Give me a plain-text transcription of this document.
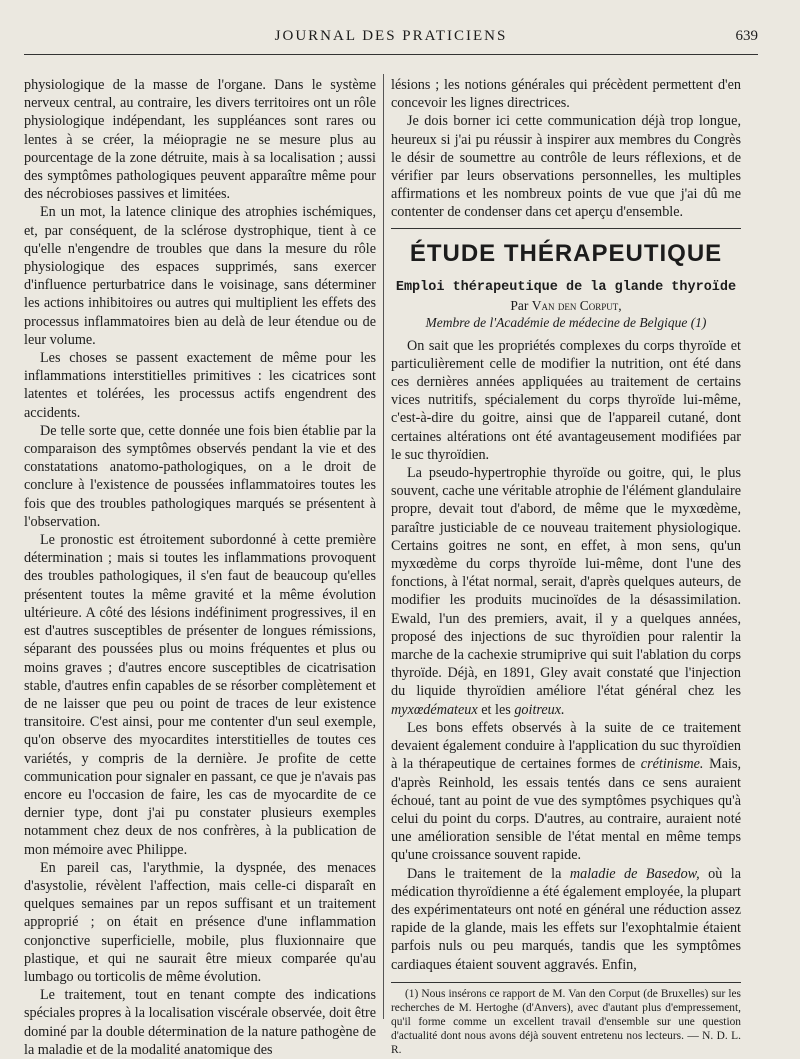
JOURNAL DES PRATICIENS	639

physiologique de la masse de l'organe. Dans le système nerveux central, au contraire, les divers territoires ont un rôle physiologique indépendant, les suppléances sont rares ou lentes à se créer, la méiopragie ne se mesure plus au pourcentage de la zone détruite, mais à sa localisation ; aussi des symptômes pathologiques peuvent apparaître même pour des nécrobioses passives et limitées.

En un mot, la latence clinique des atrophies ischémiques, et, par conséquent, de la sclérose dystrophique, tient à ce qu'elle n'engendre de troubles que dans la mesure du rôle physiologique des espaces supprimés, sans exercer d'influence perturbatrice dans le voisinage, sans déterminer les actions inhibitoires ou autres qui multiplient les effets des processus inflammatoires bien au delà de leur étendue ou de leur volume.

Les choses se passent exactement de même pour les inflammations interstitielles primitives : les cicatrices sont latentes et tolérées, les processus actifs engendrent des accidents.

De telle sorte que, cette donnée une fois bien établie par la comparaison des symptômes observés pendant la vie et des constatations anatomo-pathologiques, on a le droit de conclure à l'existence de poussées inflammatoires toutes les fois que des troubles pathologiques marqués se présentent à l'observation.

Le pronostic est étroitement subordonné à cette première détermination ; mais si toutes les inflammations provoquent des troubles pathologiques, il s'en faut de beaucoup qu'elles présentent toutes la même gravité et la même évolution ultérieure. A côté des lésions indéfiniment progressives, il en est d'autres susceptibles de présenter de longues rémissions, séparant des poussées plus ou moins fréquentes et plus ou moins graves ; d'autres encore susceptibles de cicatrisation stable, d'autres enfin capables de se résorber complètement et de ne laisser que peu ou point de traces de leur existence transitoire. C'est ainsi, pour me contenter d'un seul exemple, qu'on observe des myocardites interstitielles de toutes ces variétés, y compris de la dernière. Je profite de cette communication pour signaler en passant, ce que je n'avais pas encore eu l'occasion de faire, les cas de myocardite de ce dernier type, dont j'ai pu constater plusieurs exemples notamment chez deux de nos confrères, à la publication de mon mémoire avec Philippe.

En pareil cas, l'arythmie, la dyspnée, des menaces d'asystolie, révèlent l'affection, mais celle-ci disparaît en quelques semaines par un repos suffisant et un traitement approprié ; on était en présence d'une inflammation conjonctive superficielle, mobile, plus fluxionnaire que plastique, et qui ne saurait être mieux comparée qu'au lumbago ou torticolis de même évolution.

Le traitement, tout en tenant compte des indications spéciales propres à la localisation viscérale observée, doit être dominé par la double détermination de la nature pathogène de la maladie et de la modalité anatomique des

lésions ; les notions générales qui précèdent permettent d'en concevoir les lignes directrices.

Je dois borner ici cette communication déjà trop longue, heureux si j'ai pu réussir à inspirer aux membres du Congrès le désir de soumettre au contrôle de leurs réflexions, et de vérifier par leurs observations personnelles, les multiples affirmations et les nombreux points de vue que j'ai dû me contenter de condenser dans cet aperçu d'ensemble.

ÉTUDE THÉRAPEUTIQUE
Emploi thérapeutique de la glande thyroïde
Par Van den Corput,
Membre de l'Académie de médecine de Belgique (1)

On sait que les propriétés complexes du corps thyroïde et particulièrement celle de modifier la nutrition, ont été dans ces dernières années appliquées au traitement de certains vices nutritifs, spécialement du corps thyroïde lui-même, c'est-à-dire du goitre, ainsi que de l'appareil cutané, dont certaines altérations ont été avantageusement modifiées par le suc thyroïdien.

La pseudo-hypertrophie thyroïde ou goitre, qui, le plus souvent, cache une véritable atrophie de l'élément glandulaire propre, devait tout d'abord, de même que le myxœdème, paraître justiciable de ce nouveau traitement physiologique. Certains goitres ne sont, en effet, à mon sens, qu'un myxœdème du corps thyroïde lui-même, dont l'une des fonctions, à l'état normal, serait, d'après quelques auteurs, de modifier les produits mucinoïdes de la désassimilation. Ewald, l'un des premiers, avait, il y a quelques années, proposé des injections de suc thyroïdien pour ralentir la marche de la cachexie strumiprive qui suit l'ablation du corps thyroïde. Déjà, en 1891, Gley avait constaté que l'injection du liquide thyroïdien améliore l'état général chez les myxœdémateux et les goitreux.

Les bons effets observés à la suite de ce traitement devaient également conduire à l'application du suc thyroïdien à la thérapeutique de certaines formes de crétinisme. Mais, d'après Reinhold, les essais tentés dans ce sens auraient échoué, tant au point de vue des symptômes psychiques qu'à celui du point du corps. D'autres, au contraire, auraient noté une amélioration sensible de l'état mental en même temps qu'une croissance souvent rapide.

Dans le traitement de la maladie de Basedow, où la médication thyroïdienne a été également employée, la plupart des expérimentateurs ont noté en général une réduction assez rapide de la glande, mais les effets sur l'exophtalmie étaient parfois nuls ou peu marqués, tandis que les symptômes cardiaques étaient souvent aggravés. Enfin,

(1) Nous insérons ce rapport de M. Van den Corput (de Bruxelles) sur les recherches de M. Hertoghe (d'Anvers), avec d'autant plus d'empressement, qu'il forme comme un excellent travail d'ensemble sur une question d'actualité dont nous avons déjà souvent entretenu nos lecteurs. — N. D. L. R.
